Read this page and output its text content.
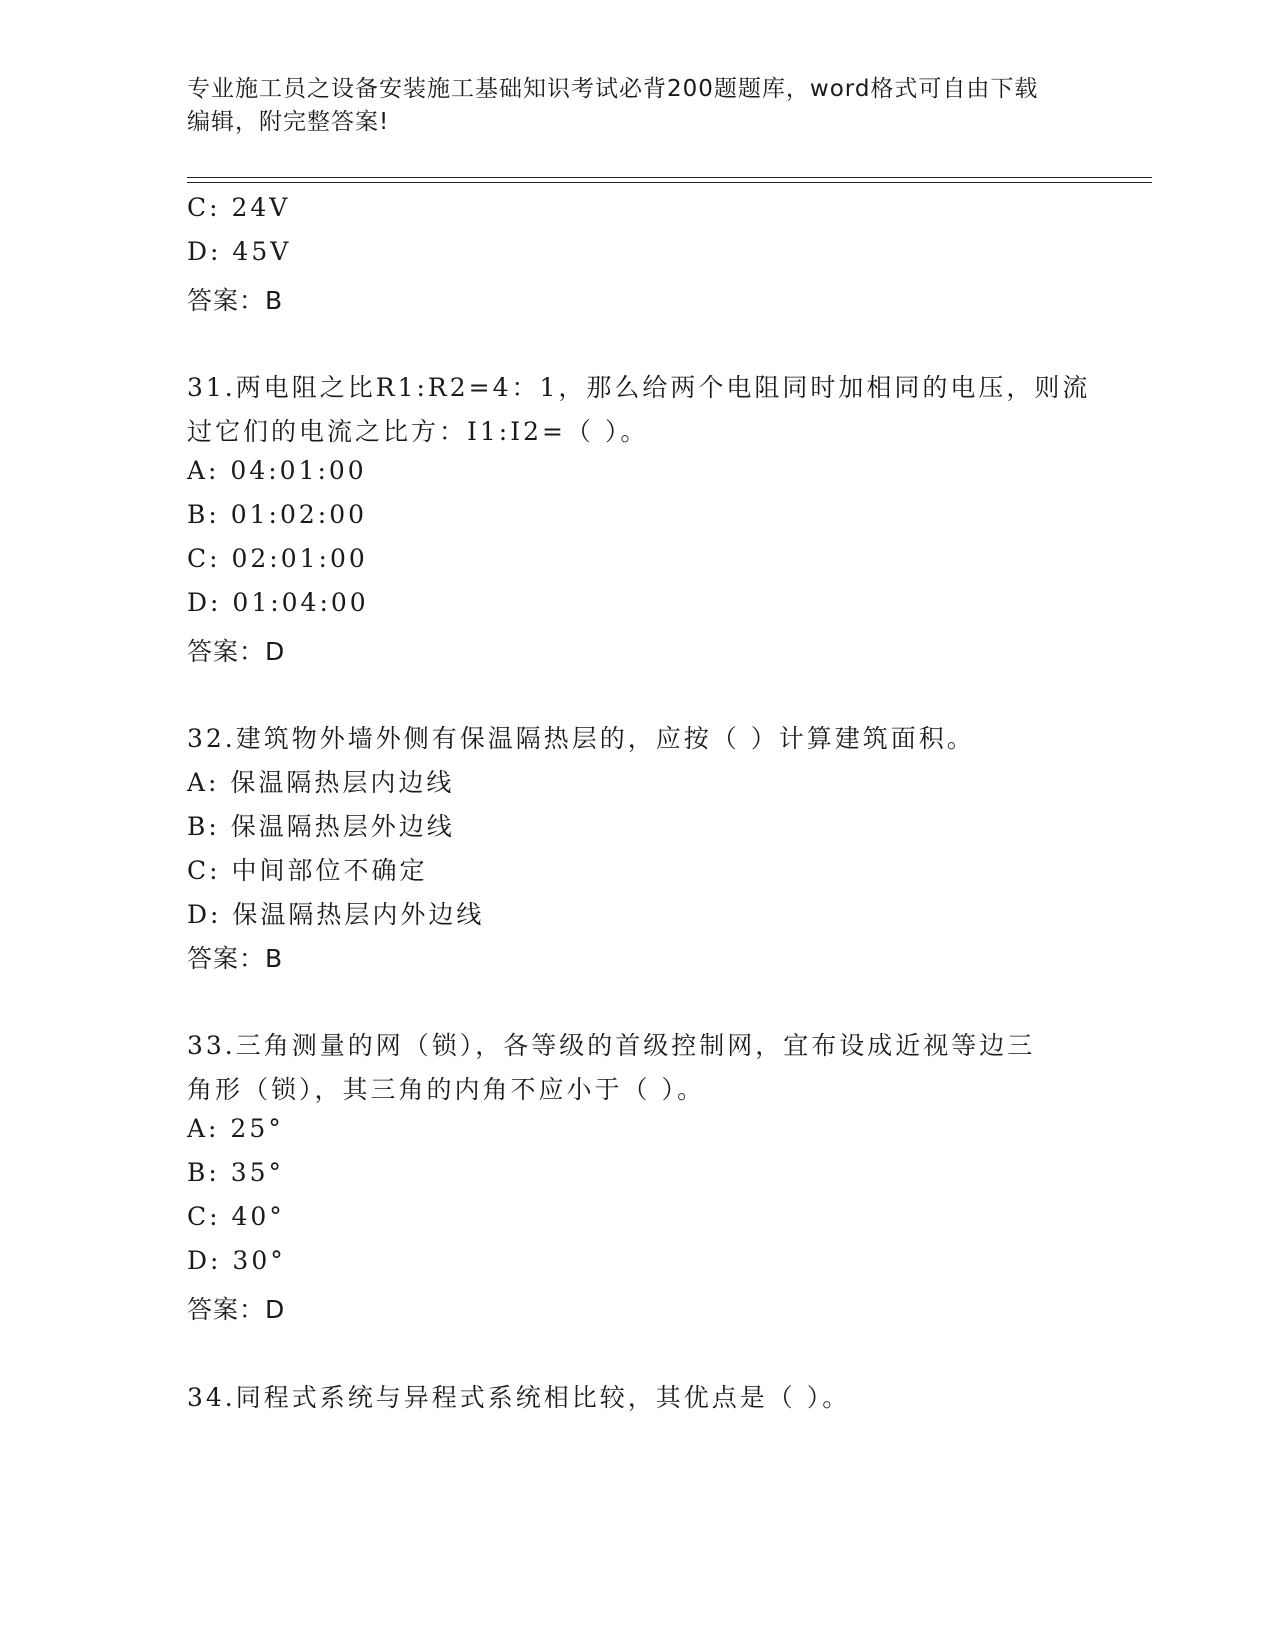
专业施工员之设备安装施工基础知识考试必背200题题库，word格式可自由下载
编辑，附完整答案!
C: 24V
D: 45V
答案：B
31.两电阻之比R1:R2=4：1，那么给两个电阻同时加相同的电压，则流
过它们的电流之比方：I1:I2=（ ）。
A: 04:01:00
B: 01:02:00
C: 02:01:00
D: 01:04:00
答案：D
32.建筑物外墙外侧有保温隔热层的，应按（ ）计算建筑面积。
A: 保温隔热层内边线
B: 保温隔热层外边线
C: 中间部位不确定
D: 保温隔热层内外边线
答案：B
33.三角测量的网（锁），各等级的首级控制网，宜布设成近视等边三
角形（锁），其三角的内角不应小于（ ）。
A: 25°
B: 35°
C: 40°
D: 30°
答案：D
34.同程式系统与异程式系统相比较，其优点是（ ）。
